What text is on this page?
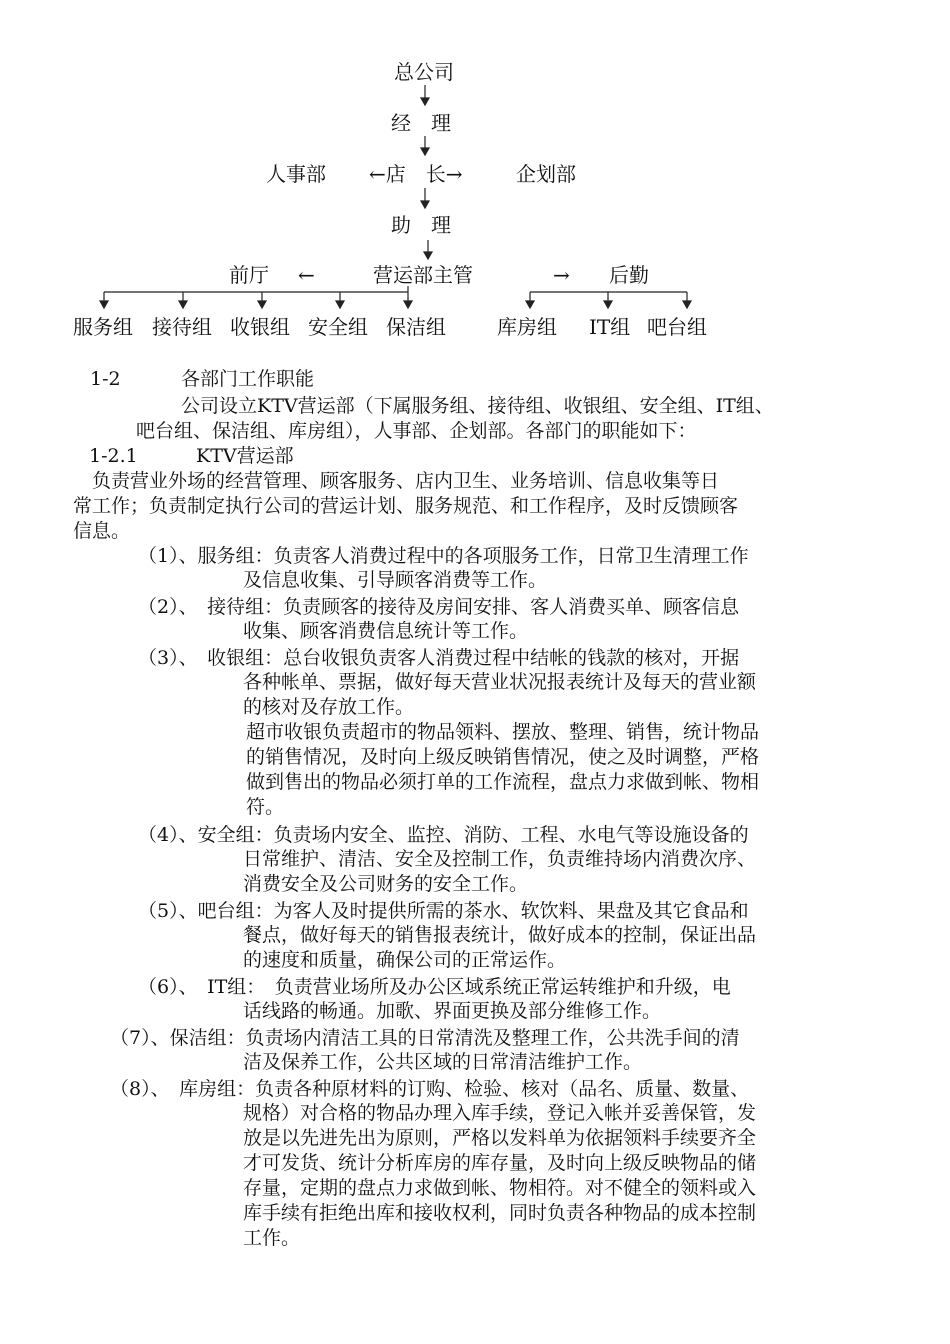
总公司
经　理
人事部 ←店　长→	企划部
助　理
前厅 ←	营运部主管	→ 后勤
服务组 接待组 收银组 安全组 保洁组	库房组 IT组 吧台组
1-2	各部门工作职能
公司设立KTV营运部（下属服务组、接待组、收银组、安全组、IT组、
吧台组、保洁组、库房组），人事部、企划部。各部门的职能如下：
1-2.1	KTV营运部
　负责营业外场的经营管理、顾客服务、店内卫生、业务培训、信息收集等日
常工作；负责制定执行公司的营运计划、服务规范、和工作程序，及时反馈顾客
信息。
（1）、服务组：负责客人消费过程中的各项服务工作，日常卫生清理工作
及信息收集、引导顾客消费等工作。
（2）、　接待组：负责顾客的接待及房间安排、客人消费买单、顾客信息
收集、顾客消费信息统计等工作。
（3）、　收银组：总台收银负责客人消费过程中结帐的钱款的核对，开据
各种帐单、票据，做好每天营业状况报表统计及每天的营业额
的核对及存放工作。
超市收银负责超市的物品领料、摆放、整理、销售，统计物品
的销售情况，及时向上级反映销售情况，使之及时调整，严格
做到售出的物品必须打单的工作流程，盘点力求做到帐、物相
符。
（4）、安全组：负责场内安全、监控、消防、工程、水电气等设施设备的
日常维护、清洁、安全及控制工作，负责维持场内消费次序、
消费安全及公司财务的安全工作。
（5）、吧台组：为客人及时提供所需的茶水、软饮料、果盘及其它食品和
餐点，做好每天的销售报表统计，做好成本的控制，保证出品
的速度和质量，确保公司的正常运作。
（6）、　IT组：　负责营业场所及办公区域系统正常运转维护和升级，电
话线路的畅通。加歌、界面更换及部分维修工作。
（7）、保洁组：负责场内清洁工具的日常清洗及整理工作，公共洗手间的清
洁及保养工作，公共区域的日常清洁维护工作。
（8）、　库房组：负责各种原材料的订购、检验、核对（品名、质量、数量、
规格）对合格的物品办理入库手续，登记入帐并妥善保管，发
放是以先进先出为原则，严格以发料单为依据领料手续要齐全
才可发货、统计分析库房的库存量，及时向上级反映物品的储
存量，定期的盘点力求做到帐、物相符。对不健全的领料或入
库手续有拒绝出库和接收权利，同时负责各种物品的成本控制
工作。
